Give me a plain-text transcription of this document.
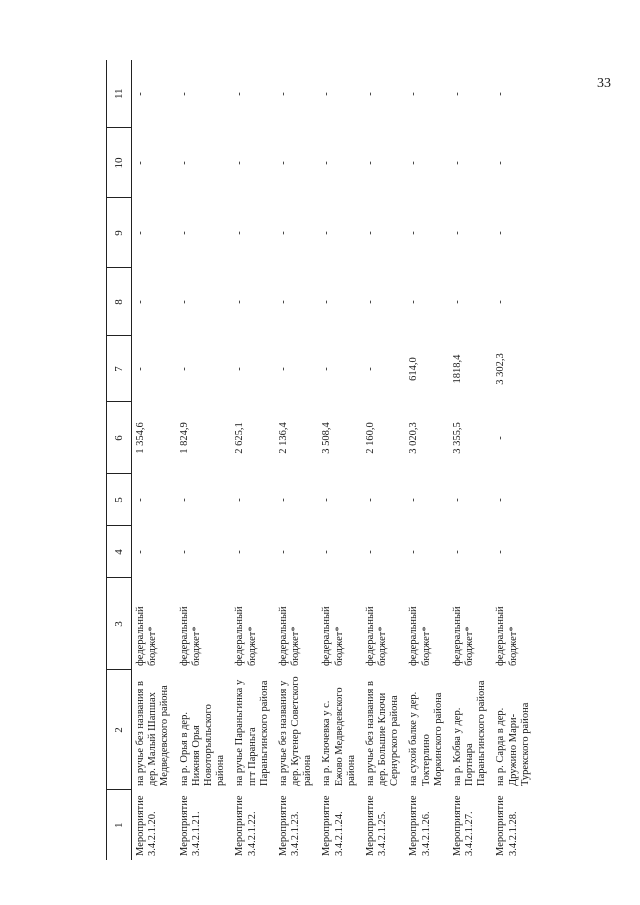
33
1	2	3	4	5	6	7	8	9	10	11
Мероприятие 3.4.2.1.20.	на ручье без названия в дер. Малый Шапшах Медведевского района	федеральный бюджет*	-	-	1 354,6	-	-	-	-	-
Мероприятие 3.4.2.1.21.	на р. Орья в дер. Нижняя Орья Новоторъяльского района	федеральный бюджет*	-	-	1 824,9	-	-	-	-	-
Мероприятие 3.4.2.1.22.	на ручье Параньгинка у пгт Параньга Параньгинского района	федеральный бюджет*	-	-	2 625,1	-	-	-	-	-
Мероприятие 3.4.2.1.23.	на ручье без названия у дер. Кутенер Советского района	федеральный бюджет*	-	-	2 136,4	-	-	-	-	-
Мероприятие 3.4.2.1.24.	на р. Ключевка у с. Ежово Медведевского района	федеральный бюджет*	-	-	3 508,4	-	-	-	-	-
Мероприятие 3.4.2.1.25.	на ручье без названия в дер. Большие Ключи Сернурского района	федеральный бюджет*	-	-	2 160,0	-	-	-	-	-
Мероприятие 3.4.2.1.26.	на сухой балке у дер. Токтерлино Моркинского района	федеральный бюджет*	-	-	3 020,3	614,0	-	-	-	-
Мероприятие 3.4.2.1.27.	на р. Кобва у дер. Портнара Параньгинского района	федеральный бюджет*	-	-	3 355,5	1818,4	-	-	-	-
Мероприятие 3.4.2.1.28.	на р. Сарда в дер. Дружино Мари-Турекского района	федеральный бюджет*	-	-	-	3 302,3	-	-	-	-
